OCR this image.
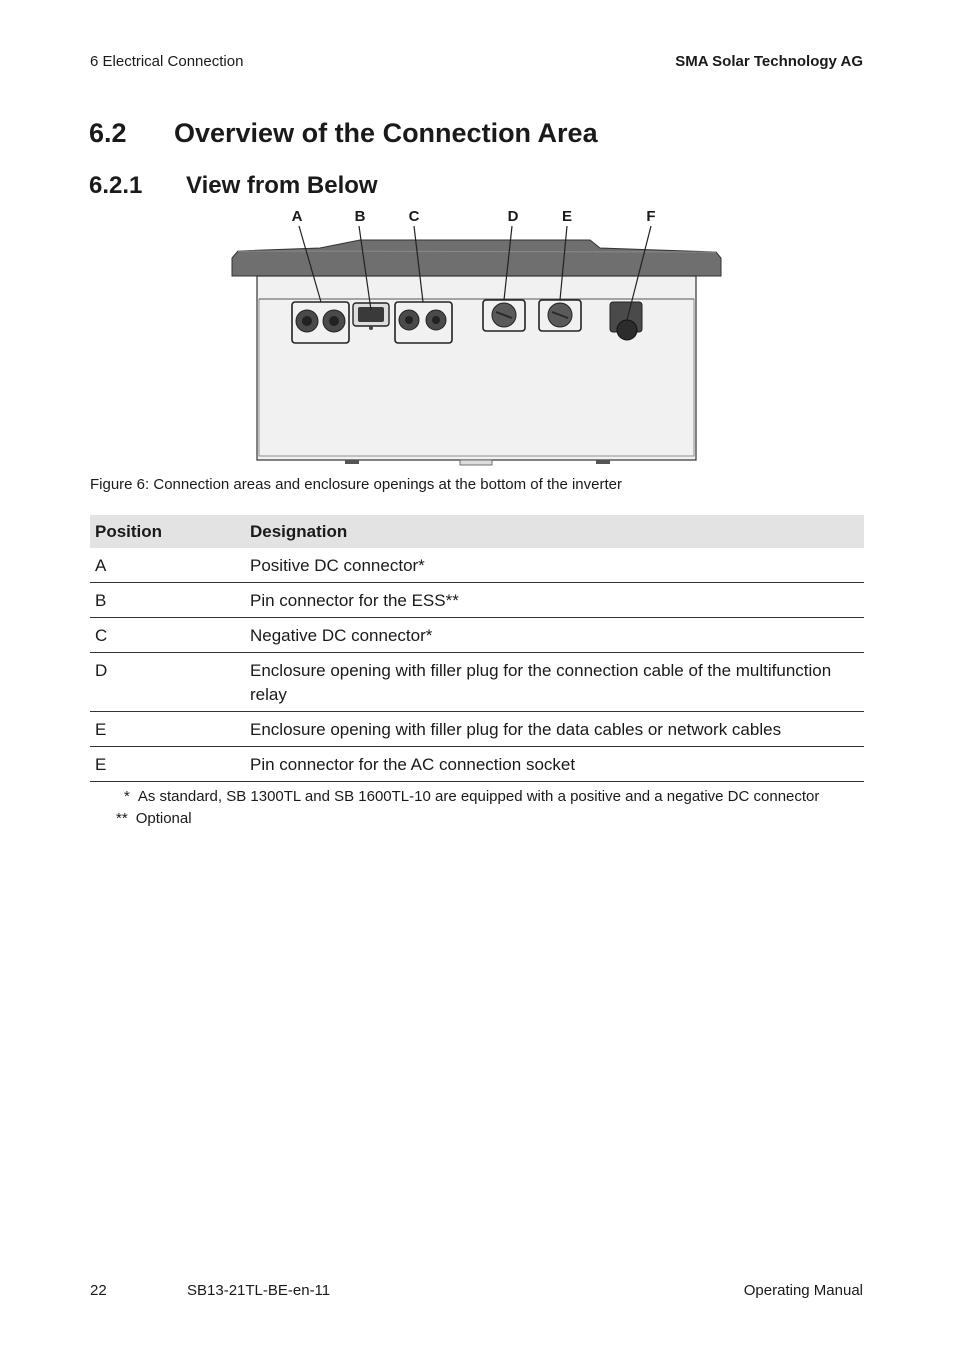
6 Electrical Connection	SMA Solar Technology AG
6.2 Overview of the Connection Area
6.2.1 View from Below
A	B	C	D	E	F
Figure 6: Connection areas and enclosure openings at the bottom of the inverter
Position	Designation
A	Positive DC connector*
B	Pin connector for the ESS**
C	Negative DC connector*
D	Enclosure opening with filler plug for the connection cable of the multifunction relay
E	Enclosure opening with filler plug for the data cables or network cables
E	Pin connector for the AC connection socket
* As standard, SB 1300TL and SB 1600TL-10 are equipped with a positive and a negative DC connector
** Optional
22	SB13-21TL-BE-en-11	Operating Manual
